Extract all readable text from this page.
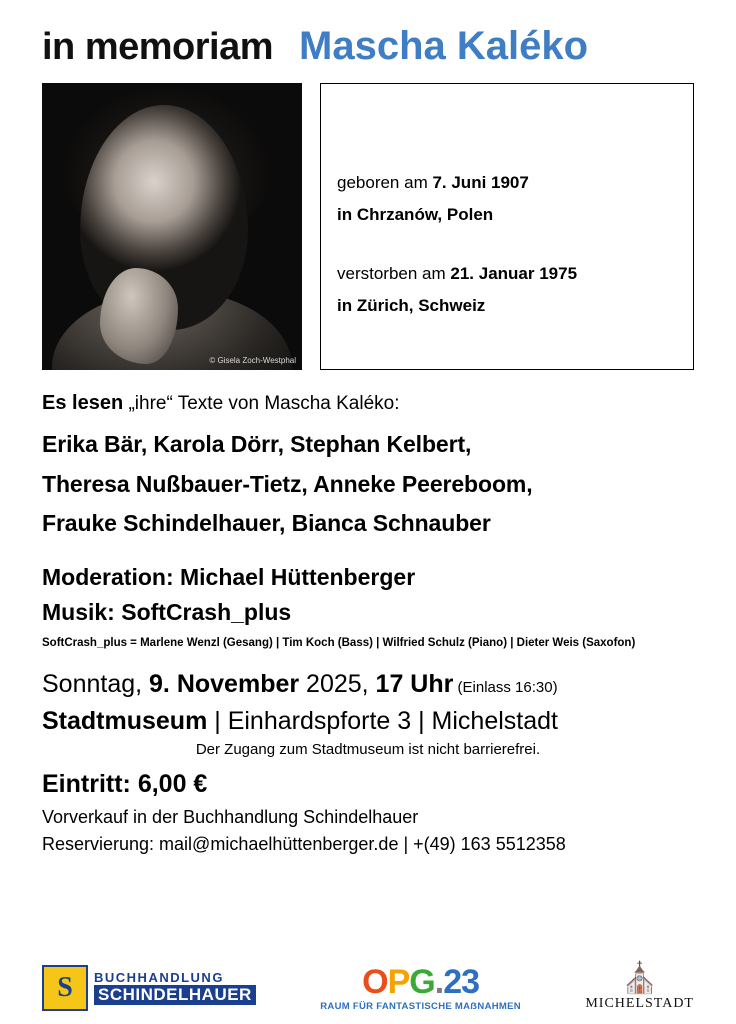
in memoriam Mascha Kaléko
© Gisela Zoch-Westphal

geboren am 7. Juni 1907

in Chrzanów, Polen

verstorben am 21. Januar 1975

in Zürich, Schweiz

Es lesen „ihre“ Texte von Mascha Kaléko:
Erika Bär, Karola Dörr, Stephan Kelbert,
Theresa Nußbauer-Tietz, Anneke Peereboom,
Frauke Schindelhauer, Bianca Schnauber
Moderation: Michael Hüttenberger
Musik: SoftCrash_plus
SoftCrash_plus = Marlene Wenzl (Gesang) | Tim Koch (Bass) | Wilfried Schulz (Piano) | Dieter Weis (Saxofon)
Sonntag, 9. November 2025, 17 Uhr (Einlass 16:30)
Stadtmuseum | Einhardspforte 3 | Michelstadt
Der Zugang zum Stadtmuseum ist nicht barrierefrei.
Eintritt: 6,00 €
Vorverkauf in der Buchhandlung Schindelhauer
Reservierung: mail@michaelhüttenberger.de | +(49) 163 5512358
S	BUCHHANDLUNG
SCHINDELHAUER	OPG.23
RAUM FÜR FANTASTISCHE MAẞNAHMEN
⛪
MICHELSTADT
